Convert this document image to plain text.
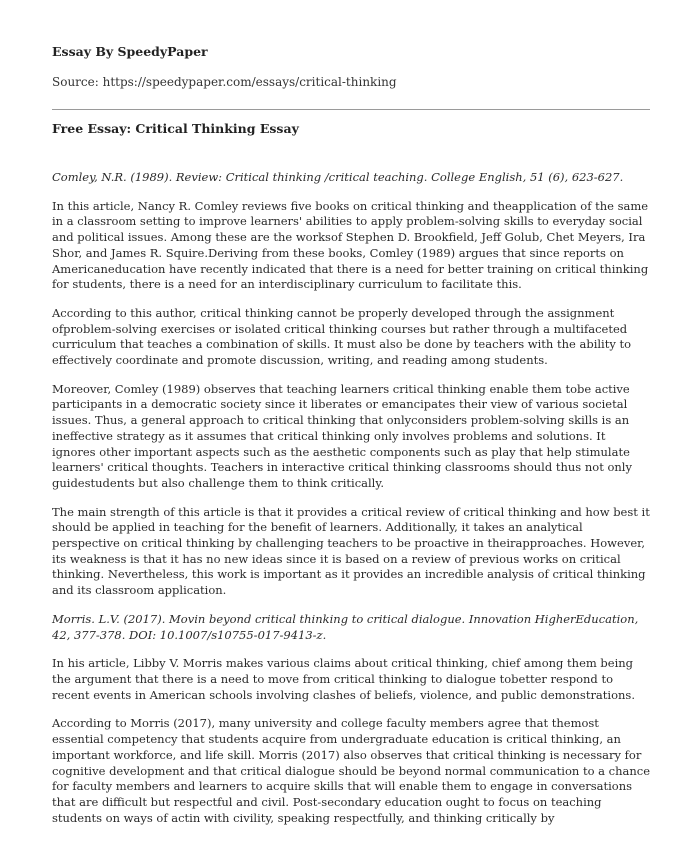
Essay By SpeedyPaper
Source: https://speedypaper.com/essays/critical-thinking
Free Essay: Critical Thinking Essay

Comley, N.R. (1989). Review: Critical thinking /critical teaching. College English, 51 (6), 623-627.

In this article, Nancy R. Comley reviews five books on critical thinking and theapplication of the same in a classroom setting to improve learners' abilities to apply problem-solving skills to everyday social and political issues. Among these are the worksof Stephen D. Brookfield, Jeff Golub, Chet Meyers, Ira Shor, and James R. Squire.Deriving from these books, Comley (1989) argues that since reports on Americaneducation have recently indicated that there is a need for better training on critical thinking for students, there is a need for an interdisciplinary curriculum to facilitate this.

According to this author, critical thinking cannot be properly developed through the assignment ofproblem-solving exercises or isolated critical thinking courses but rather through a multifaceted curriculum that teaches a combination of skills. It must also be done by teachers with the ability to effectively coordinate and promote discussion, writing, and reading among students.

Moreover, Comley (1989) observes that teaching learners critical thinking enable them tobe active participants in a democratic society since it liberates or emancipates their view of various societal issues. Thus, a general approach to critical thinking that onlyconsiders problem-solving skills is an ineffective strategy as it assumes that critical thinking only involves problems and solutions. It ignores other important aspects such as the aesthetic components such as play that help stimulate learners' critical thoughts. Teachers in interactive critical thinking classrooms should thus not only guidestudents but also challenge them to think critically.

The main strength of this article is that it provides a critical review of critical thinking and how best it should be applied in teaching for the benefit of learners. Additionally, it takes an analytical perspective on critical thinking by challenging teachers to be proactive in theirapproaches. However, its weakness is that it has no new ideas since it is based on a review of previous works on critical thinking. Nevertheless, this work is important as it provides an incredible analysis of critical thinking and its classroom application.

Morris. L.V. (2017). Movin beyond critical thinking to critical dialogue. Innovation HigherEducation, 42, 377-378. DOI: 10.1007/s10755-017-9413-z.

In his article, Libby V. Morris makes various claims about critical thinking, chief among them being the argument that there is a need to move from critical thinking to dialogue tobetter respond to recent events in American schools involving clashes of beliefs, violence, and public demonstrations.

According to Morris (2017), many university and college faculty members agree that themost essential competency that students acquire from undergraduate education is critical thinking, an important workforce, and life skill. Morris (2017) also observes that critical thinking is necessary for cognitive development and that critical dialogue should be beyond normal communication to a chance for faculty members and learners to acquire skills that will enable them to engage in conversations that are difficult but respectful and civil. Post-secondary education ought to focus on teaching students on ways of actin with civility, speaking respectfully, and thinking critically by
